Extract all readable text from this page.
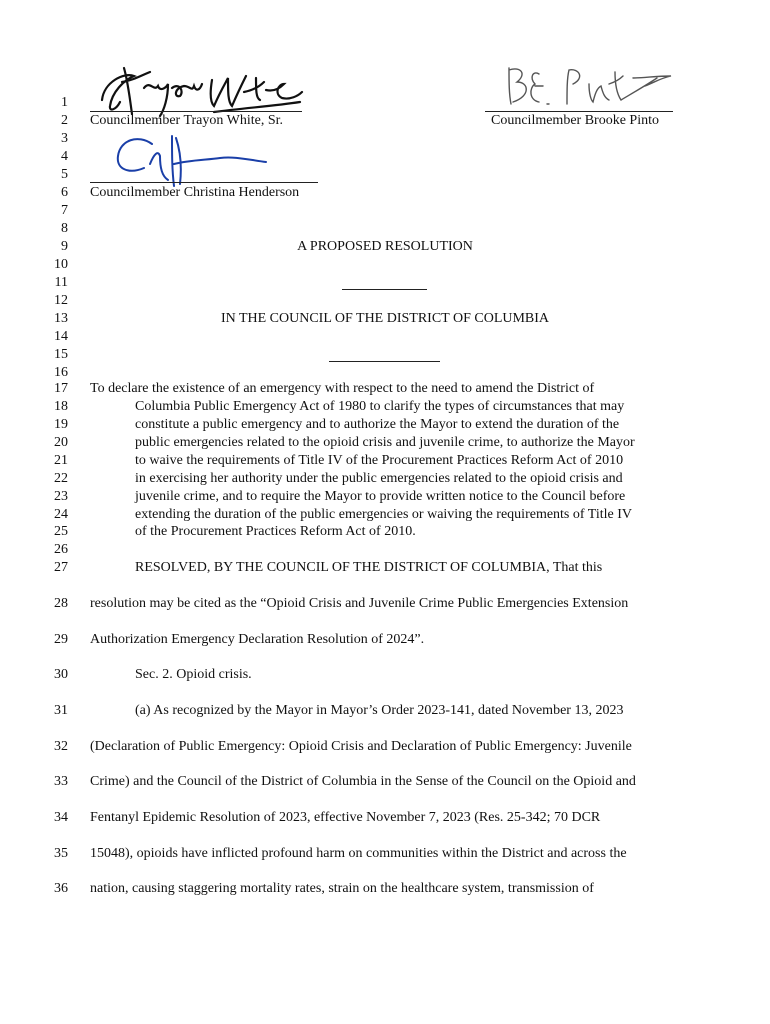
1
2
3
4
5
6
7
8
9
10
11
12
13
14
15
16
17
18
19
20
21
22
23
24
25
26
27
28
29
30
31
32
33
34
35
36
Councilmember Trayon White, Sr.	Councilmember Brooke Pinto
Councilmember Christina Henderson
A PROPOSED RESOLUTION
IN THE COUNCIL OF THE DISTRICT OF COLUMBIA
To declare the existence of an emergency with respect to the need to amend the District of
Columbia Public Emergency Act of 1980 to clarify the types of circumstances that may
constitute a public emergency and to authorize the Mayor to extend the duration of the
public emergencies related to the opioid crisis and juvenile crime, to authorize the Mayor
to waive the requirements of Title IV of the Procurement Practices Reform Act of 2010
in exercising her authority under the public emergencies related to the opioid crisis and
juvenile crime, and to require the Mayor to provide written notice to the Council before
extending the duration of the public emergencies or waiving the requirements of Title IV
of the Procurement Practices Reform Act of 2010.
RESOLVED, BY THE COUNCIL OF THE DISTRICT OF COLUMBIA, That this
resolution may be cited as the “Opioid Crisis and Juvenile Crime Public Emergencies Extension
Authorization Emergency Declaration Resolution of 2024”.
Sec. 2. Opioid crisis.
(a) As recognized by the Mayor in Mayor’s Order 2023-141, dated November 13, 2023
(Declaration of Public Emergency: Opioid Crisis and Declaration of Public Emergency: Juvenile
Crime) and the Council of the District of Columbia in the Sense of the Council on the Opioid and
Fentanyl Epidemic Resolution of 2023, effective November 7, 2023 (Res. 25-342; 70 DCR
15048), opioids have inflicted profound harm on communities within the District and across the
nation, causing staggering mortality rates, strain on the healthcare system, transmission of
